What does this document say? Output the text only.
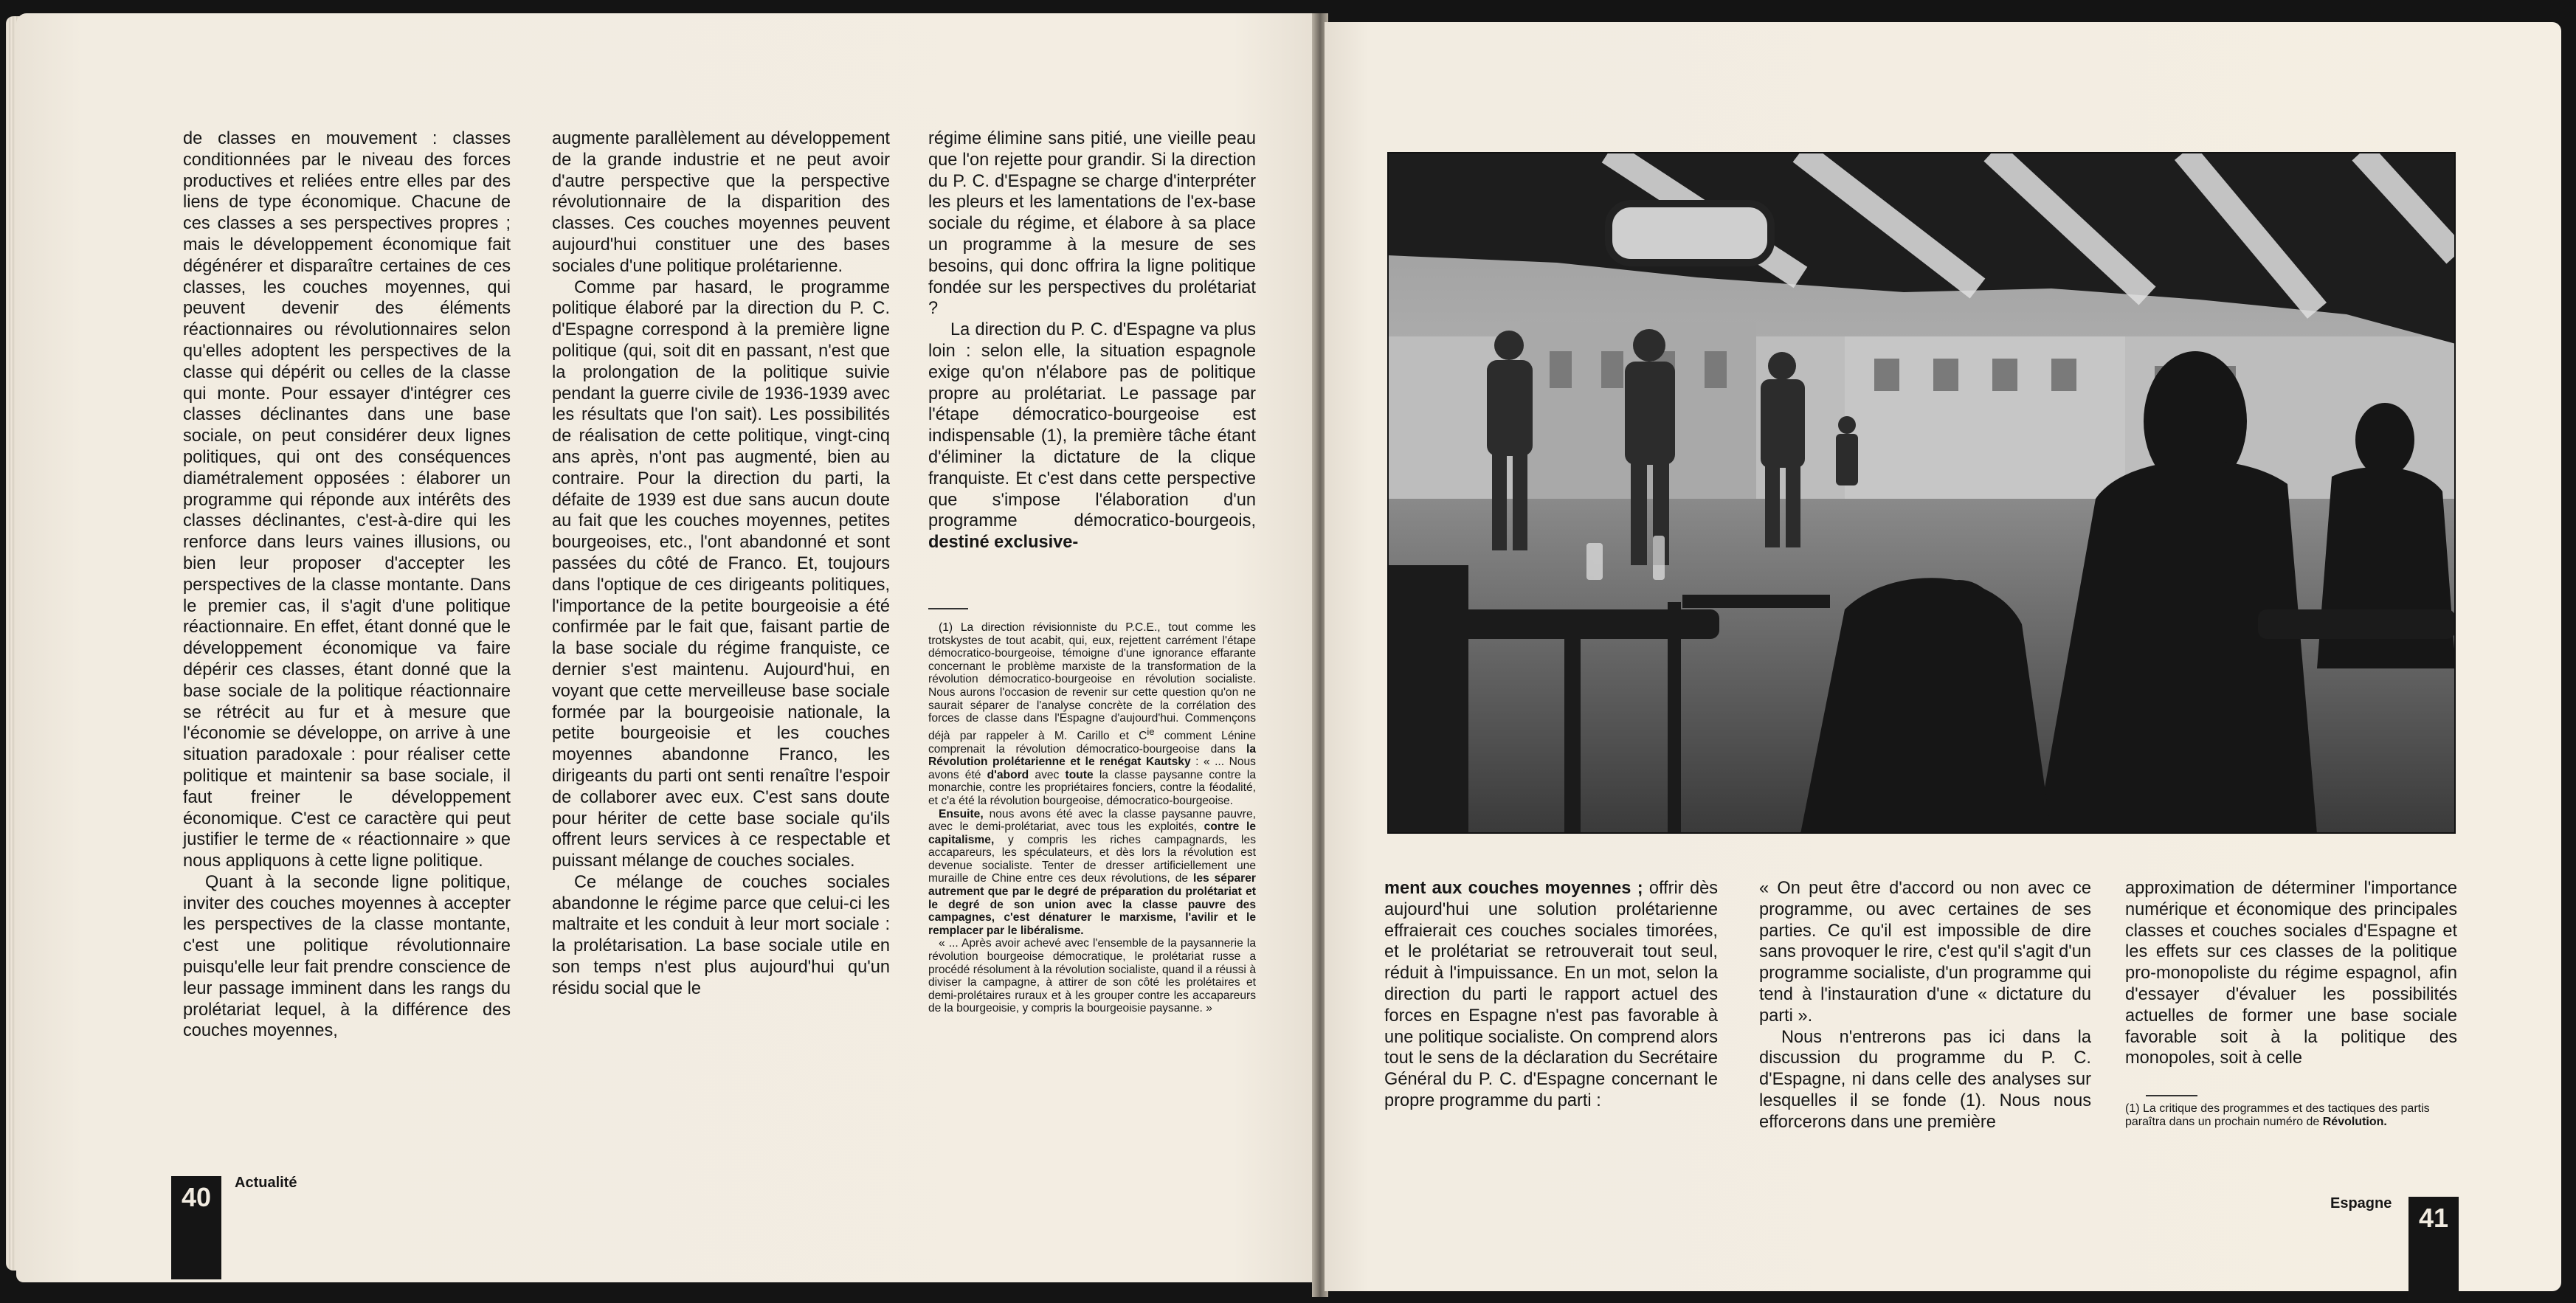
de classes en mouvement : classes conditionnées par le niveau des forces productives et reliées entre elles par des liens de type économique. Chacune de ces classes a ses perspectives propres ; mais le développement économique fait dégénérer et disparaître certaines de ces classes, les couches moyennes, qui peuvent devenir des éléments réactionnaires ou révolutionnaires selon qu'elles adoptent les perspectives de la classe qui dépérit ou celles de la classe qui monte. Pour essayer d'intégrer ces classes déclinantes dans une base sociale, on peut considérer deux lignes politiques, qui ont des conséquences diamétralement opposées : élaborer un programme qui réponde aux intérêts des classes déclinantes, c'est-à-dire qui les renforce dans leurs vaines illusions, ou bien leur proposer d'accepter les perspectives de la classe montante. Dans le premier cas, il s'agit d'une politique réactionnaire. En effet, étant donné que le développement économique va faire dépérir ces classes, étant donné que la base sociale de la politique réactionnaire se rétrécit au fur et à mesure que l'économie se développe, on arrive à une situation paradoxale : pour réaliser cette politique et maintenir sa base sociale, il faut freiner le développement économique. C'est ce caractère qui peut justifier le terme de « réactionnaire » que nous appliquons à cette ligne politique.

Quant à la seconde ligne politique, inviter des couches moyennes à accepter les perspectives de la classe montante, c'est une politique révolutionnaire puisqu'elle leur fait prendre conscience de leur passage imminent dans les rangs du prolétariat lequel, à la différence des couches moyennes,

augmente parallèlement au développement de la grande industrie et ne peut avoir d'autre perspective que la perspective révolutionnaire de la disparition des classes. Ces couches moyennes peuvent aujourd'hui constituer une des bases sociales d'une politique prolétarienne.

Comme par hasard, le programme politique élaboré par la direction du P. C. d'Espagne correspond à la première ligne politique (qui, soit dit en passant, n'est que la prolongation de la politique suivie pendant la guerre civile de 1936-1939 avec les résultats que l'on sait). Les possibilités de réalisation de cette politique, vingt-cinq ans après, n'ont pas augmenté, bien au contraire. Pour la direction du parti, la défaite de 1939 est due sans aucun doute au fait que les couches moyennes, petites bourgeoises, etc., l'ont abandonné et sont passées du côté de Franco. Et, toujours dans l'optique de ces dirigeants politiques, l'importance de la petite bourgeoisie a été confirmée par le fait que, faisant partie de la base sociale du régime franquiste, ce dernier s'est maintenu. Aujourd'hui, en voyant que cette merveilleuse base sociale formée par la bourgeoisie nationale, la petite bourgeoisie et les couches moyennes abandonne Franco, les dirigeants du parti ont senti renaître l'espoir de collaborer avec eux. C'est sans doute pour hériter de cette base sociale qu'ils offrent leurs services à ce respectable et puissant mélange de couches sociales.

Ce mélange de couches sociales abandonne le régime parce que celui-ci les maltraite et les conduit à leur mort sociale : la prolétarisation. La base sociale utile en son temps n'est plus aujourd'hui qu'un résidu social que le

régime élimine sans pitié, une vieille peau que l'on rejette pour grandir. Si la direction du P. C. d'Espagne se charge d'interpréter les pleurs et les lamentations de l'ex-base sociale du régime, et élabore à sa place un programme à la mesure de ses besoins, qui donc offrira la ligne politique fondée sur les perspectives du prolétariat ?

La direction du P. C. d'Espagne va plus loin : selon elle, la situation espagnole exige qu'on n'élabore pas de politique propre au prolétariat. Le passage par l'étape démocratico-bourgeoise est indispensable (1), la première tâche étant d'éliminer la dictature de la clique franquiste. Et c'est dans cette perspective que s'impose l'élaboration d'un programme démocratico-bourgeois, destiné exclusive-

(1) La direction révisionniste du P.C.E., tout comme les trotskystes de tout acabit, qui, eux, rejettent carrément l'étape démocratico-bourgeoise, témoigne d'une ignorance effarante concernant le problème marxiste de la transformation de la révolution démocratico-bourgeoise en révolution socialiste. Nous aurons l'occasion de revenir sur cette question qu'on ne saurait séparer de l'analyse concrète de la corrélation des forces de classe dans l'Espagne d'aujourd'hui. Commençons déjà par rappeler à M. Carillo et $C^{ie}$ comment Lénine comprenait la révolution démocratico-bourgeoise dans la Révolution prolétarienne et le renégat Kautsky : « ... Nous avons été d'abord avec toute la classe paysanne contre la monarchie, contre les propriétaires fonciers, contre la féodalité, et c'a été la révolution bourgeoise, démocratico-bourgeoise.

Ensuite, nous avons été avec la classe paysanne pauvre, avec le demi-prolétariat, avec tous les exploités, contre le capitalisme, y compris les riches campagnards, les accapareurs, les spéculateurs, et dès lors la révolution est devenue socialiste. Tenter de dresser artificiellement une muraille de Chine entre ces deux révolutions, de les séparer autrement que par le degré de préparation du prolétariat et le degré de son union avec la classe pauvre des campagnes, c'est dénaturer le marxisme, l'avilir et le remplacer par le libéralisme.

« ... Après avoir achevé avec l'ensemble de la paysannerie la révolution bourgeoise démocratique, le prolétariat russe a procédé résolument à la révolution socialiste, quand il a réussi à diviser la campagne, à attirer de son côté les prolétaires et demi-prolétaires ruraux et à les grouper contre les accapareurs de la bourgeoisie, y compris la bourgeoisie paysanne. »

40	Actualité

ment aux couches moyennes ; offrir dès aujourd'hui une solution prolétarienne effraierait ces couches sociales timorées, et le prolétariat se retrouverait tout seul, réduit à l'impuissance. En un mot, selon la direction du parti le rapport actuel des forces en Espagne n'est pas favorable à une politique socialiste. On comprend alors tout le sens de la déclaration du Secrétaire Général du P. C. d'Espagne concernant le propre programme du parti :

« On peut être d'accord ou non avec ce programme, ou avec certaines de ses parties. Ce qu'il est impossible de dire sans provoquer le rire, c'est qu'il s'agit d'un programme socialiste, d'un programme qui tend à l'instauration d'une « dictature du parti ».

Nous n'entrerons pas ici dans la discussion du programme du P. C. d'Espagne, ni dans celle des analyses sur lesquelles il se fonde (1). Nous nous efforcerons dans une première

approximation de déterminer l'importance numérique et économique des principales classes et couches sociales d'Espagne et les effets sur ces classes de la politique pro-monopoliste du régime espagnol, afin d'essayer d'évaluer les possibilités actuelles de former une base sociale favorable soit à la politique des monopoles, soit à celle

(1) La critique des programmes et des tactiques des partis paraîtra dans un prochain numéro de Révolution.
Espagne	41
